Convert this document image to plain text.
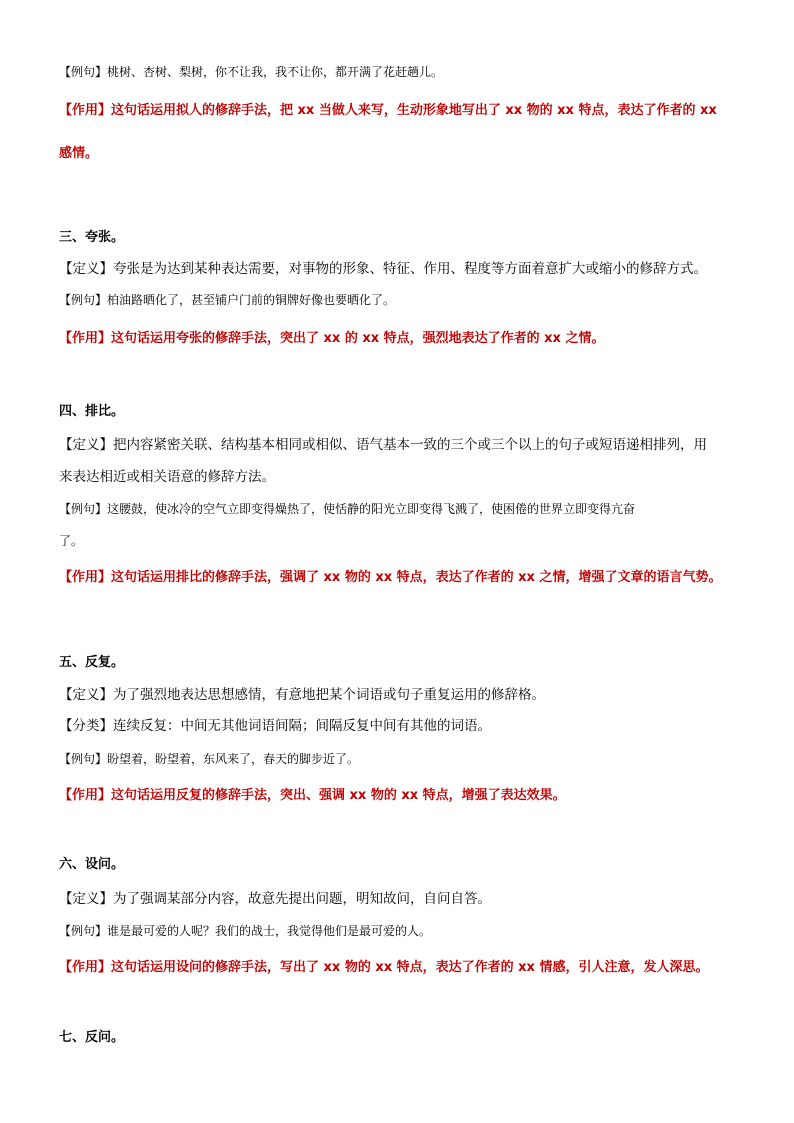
【例句】桃树、杏树、梨树，你不让我，我不让你，都开满了花赶趟儿。
【作用】这句话运用拟人的修辞手法，把 xx 当做人来写，生动形象地写出了 xx 物的 xx 特点，表达了作者的 xx
感情。
三、夸张。
【定义】夸张是为达到某种表达需要，对事物的形象、特征、作用、程度等方面着意扩大或缩小的修辞方式。
【例句】柏油路晒化了，甚至铺户门前的铜牌好像也要晒化了。
【作用】这句话运用夸张的修辞手法，突出了 xx 的 xx 特点，强烈地表达了作者的 xx 之情。
四、排比。
【定义】把内容紧密关联、结构基本相同或相似、语气基本一致的三个或三个以上的句子或短语递相排列，用
来表达相近或相关语意的修辞方法。
【例句】这腰鼓，使冰冷的空气立即变得燥热了，使恬静的阳光立即变得飞溅了，使困倦的世界立即变得亢奋
了。
【作用】这句话运用排比的修辞手法，强调了 xx 物的 xx 特点，表达了作者的 xx 之情，增强了文章的语言气势。
五、反复。
【定义】为了强烈地表达思想感情，有意地把某个词语或句子重复运用的修辞格。
【分类】连续反复：中间无其他词语间隔；间隔反复中间有其他的词语。
【例句】盼望着，盼望着，东风来了，春天的脚步近了。
【作用】这句话运用反复的修辞手法，突出、强调 xx 物的 xx 特点，增强了表达效果。
六、设问。
【定义】为了强调某部分内容，故意先提出问题，明知故问，自问自答。
【例句】谁是最可爱的人呢？我们的战士，我觉得他们是最可爱的人。
【作用】这句话运用设问的修辞手法，写出了 xx 物的 xx 特点，表达了作者的 xx 情感，引人注意，发人深思。
七、反问。
